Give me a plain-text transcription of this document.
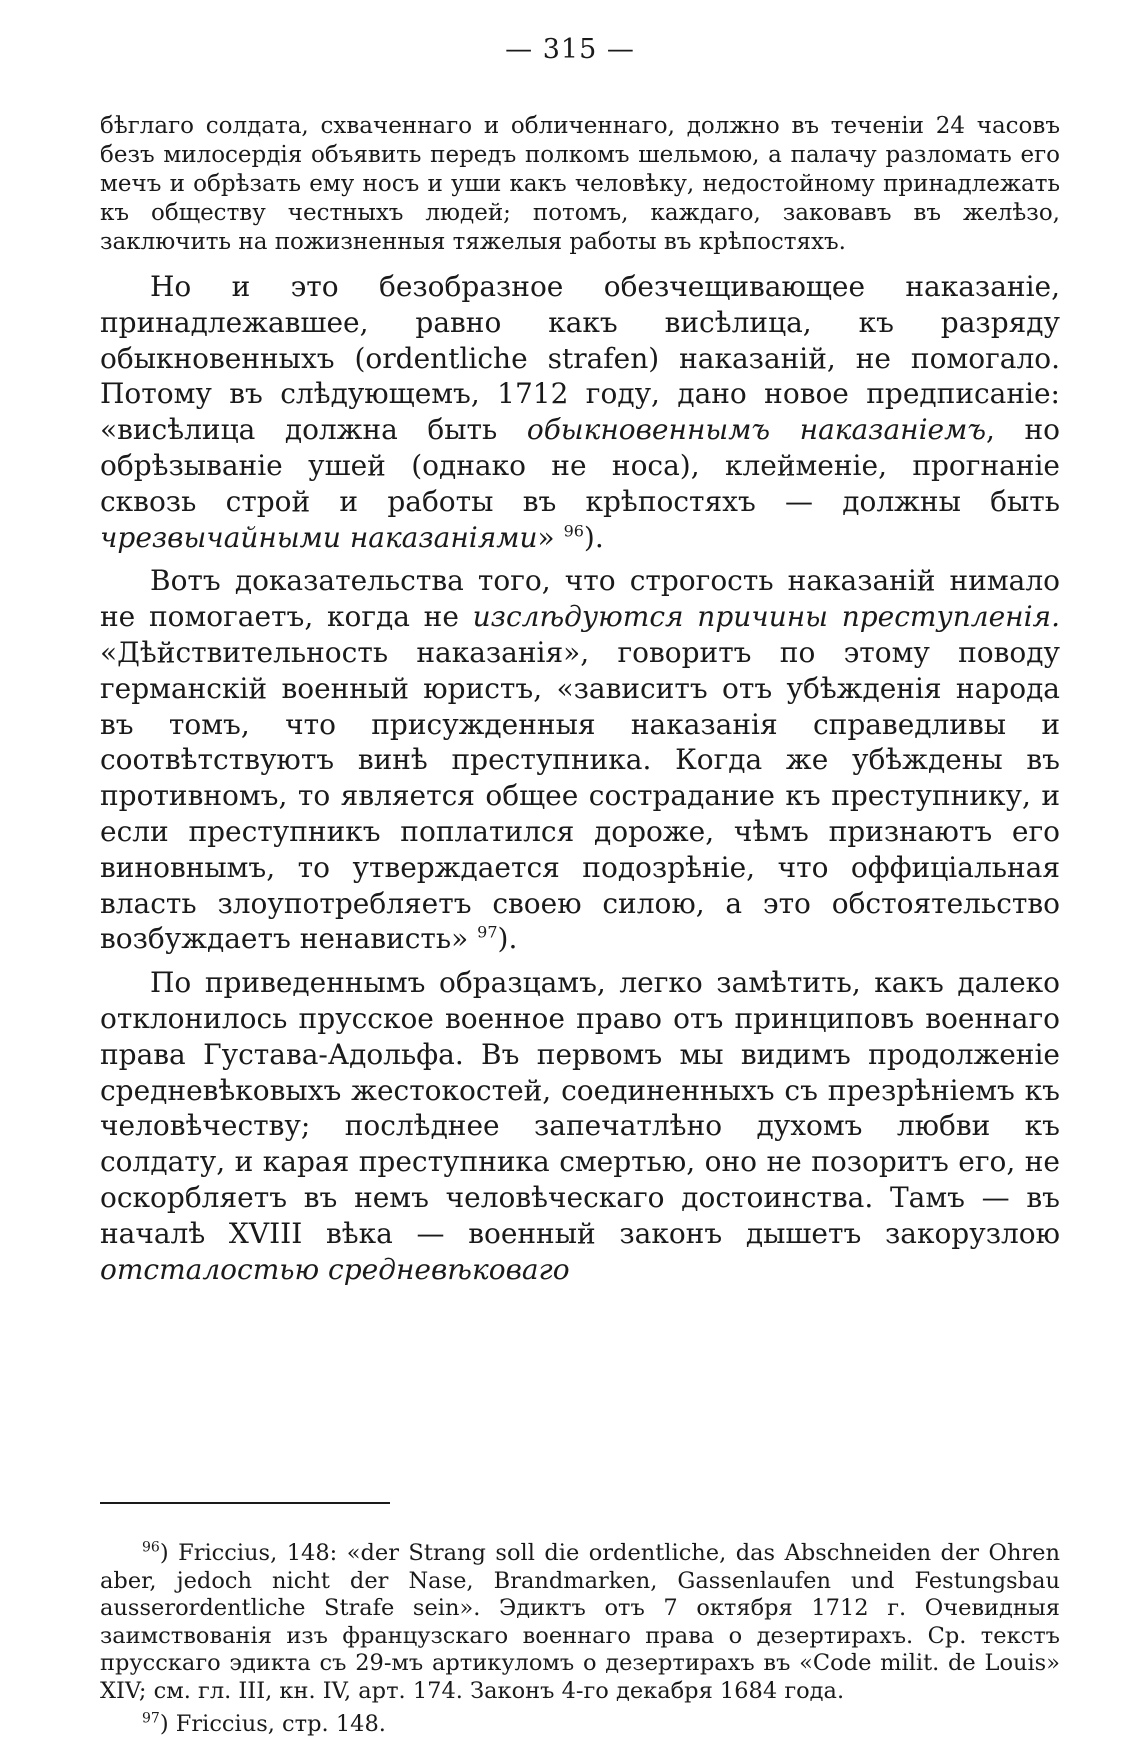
— 315 —

бѣглаго солдата, схваченнаго и обличеннаго, должно въ теченіи 24 часовъ безъ милосердія объявить передъ полкомъ шельмою, а палачу разломать его мечъ и обрѣзать ему носъ и уши какъ человѣку, недостойному принадлежать къ обществу честныхъ людей; потомъ, каждаго, заковавъ въ желѣзо, заключить на пожизненныя тяжелыя работы въ крѣпостяхъ.

Но и это безобразное обезчещивающее наказаніе, принадлежавшее, равно какъ висѣлица, къ разряду обыкновенныхъ (ordentliche strafen) наказаній, не помогало. Потому въ слѣдующемъ, 1712 году, дано новое предписаніе: «висѣлица должна быть обыкновеннымъ наказаніемъ, но обрѣзываніе ушей (однако не носа), клейменіе, прогнаніе сквозь строй и работы въ крѣпостяхъ — должны быть чрезвычайными наказаніями» $^{96}$).

Вотъ доказательства того, что строгость наказаній нимало не помогаетъ, когда не изслѣдуются причины преступленія. «Дѣйствительность наказанія», говоритъ по этому поводу германскій военный юристъ, «зависитъ отъ убѣжденія народа въ томъ, что присужденныя наказанія справедливы и соотвѣтствуютъ винѣ преступника. Когда же убѣждены въ противномъ, то является общее сострадание къ преступнику, и если преступникъ поплатился дороже, чѣмъ признаютъ его виновнымъ, то утверждается подозрѣніе, что оффиціальная власть злоупотребляетъ своею силою, а это обстоятельство возбуждаетъ ненависть» $^{97}$).

По приведеннымъ образцамъ, легко замѣтить, какъ далеко отклонилось прусское военное право отъ принциповъ военнаго права Густава-Адольфа. Въ первомъ мы видимъ продолженіе средневѣковыхъ жестокостей, соединенныхъ съ презрѣніемъ къ человѣчеству; послѣднее запечатлѣно духомъ любви къ солдату, и карая преступника смертью, оно не позоритъ его, не оскорбляетъ въ немъ человѣческаго достоинства. Тамъ — въ началѣ XVIII вѣка — военный законъ дышетъ закорузлою отсталостью средневѣковаго

$^{96}$) Friccius, 148: «der Strang soll die ordentliche, das Abschneiden der Ohren aber, jedoch nicht der Nase, Brandmarken, Gassenlaufen und Festungsbau ausserordentliche Strafe sein». Эдиктъ отъ 7 октября 1712 г. Очевидныя заимствованія изъ французскаго военнаго права о дезертирахъ. Ср. текстъ прусскаго эдикта съ 29-мъ артикуломъ о дезертирахъ въ «Code milit. de Louis» XIV; см. гл. III, кн. IV, арт. 174. Законъ 4-го декабря 1684 года.

$^{97}$) Friccius, стр. 148.
